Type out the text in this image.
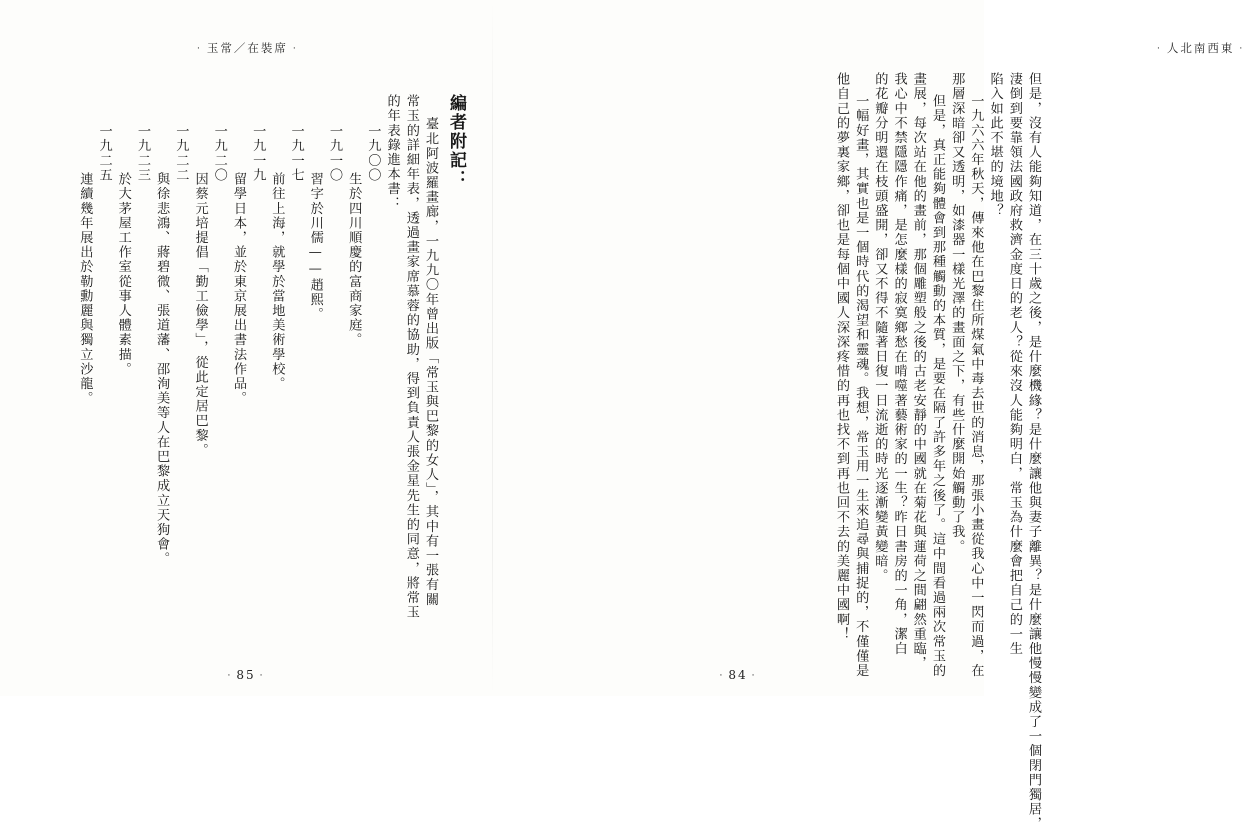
· 玉常／在裝席 ·
編者附記：
臺北阿波羅畫廊，一九九〇年曾出版「常玉與巴黎的女人」，其中有一張有關
常玉的詳細年表，透過畫家席慕蓉的協助，得到負責人張金星先生的同意，將常玉
的年表錄進本書：
一九〇〇
生於四川順慶的富商家庭。
一九一〇
習字於川儒——趙熙。
一九一七
前往上海，就學於當地美術學校。
一九一九
留學日本，並於東京展出書法作品。
一九二〇
因蔡元培提倡「勤工儉學」，從此定居巴黎。
一九二二
與徐悲鴻、蔣碧微、張道藩、邵洵美等人在巴黎成立天狗會。
一九二三
於大茅屋工作室從事人體素描。
一九二五
連續幾年展出於勒勳麗與獨立沙龍。
· 85 ·
· 人北南西東 ·
但是，沒有人能夠知道，在三十歲之後，是什麼機緣？是什麼讓他與妻子離異？是什麼讓他慢慢變成了一個閉門獨居，
淒倒到要靠領法國政府救濟金度日的老人？從來沒人能夠明白，常玉為什麼會把自己的一生
陷入如此不堪的境地？
一九六六年秋天，傳來他在巴黎住所煤氣中毒去世的消息，那張小畫從我心中一閃而過，在
那層深暗卻又透明，如漆器一樣光澤的畫面之下，有些什麼開始觸動了我。
但是，真正能夠體會到那種觸動的本質，是要在隔了許多年之後了。這中間看過兩次常玉的
畫展，每次站在他的畫前，那個雕塑般之後的古老安靜的中國就在菊花與蓮荷之間翩然重臨，
我心中不禁隱隱作痛，是怎麼樣的寂寞鄉愁在啃噬著藝術家的一生？昨日書房的一角，潔白
的花瓣分明還在枝頭盛開，卻又不得不隨著日復一日流逝的時光逐漸變黃變暗。
一幅好畫，其實也是一個時代的渴望和靈魂。我想，常玉用一生來追尋與捕捉的，不僅僅是
他自己的夢裏家鄉，卻也是每個中國人深深疼惜的再也找不到再也回不去的美麗中國啊！
· 84 ·
